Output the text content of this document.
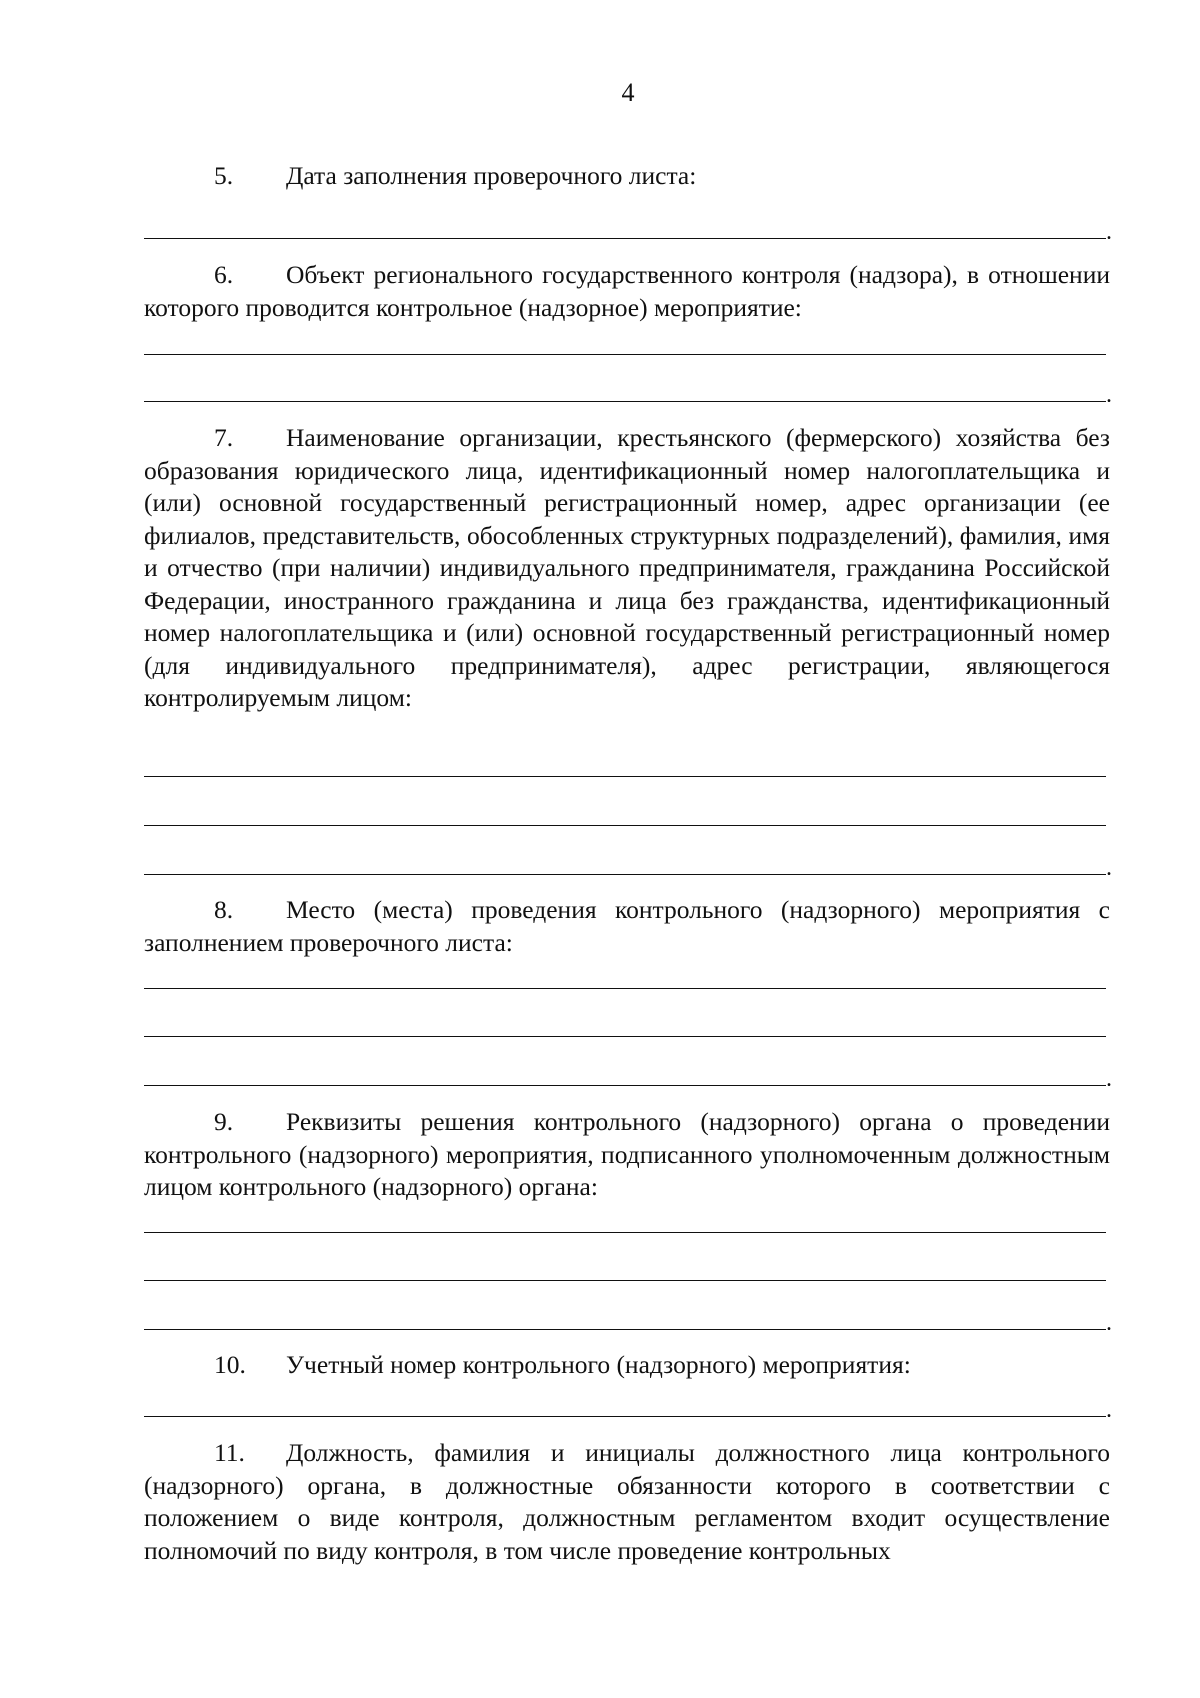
4
5. Дата заполнения проверочного листа:
.
6. Объект регионального государственного контроля (надзора), в отношении которого проводится контрольное (надзорное) мероприятие:
.
7. Наименование организации, крестьянского (фермерского) хозяйства без образования юридического лица, идентификационный номер налогоплательщика и (или) основной государственный регистрационный номер, адрес организации (ее филиалов, представительств, обособленных структурных подразделений), фамилия, имя и отчество (при наличии) индивидуального предпринимателя, гражданина Российской Федерации, иностранного гражданина и лица без гражданства, идентификационный номер налогоплательщика и (или) основной государственный регистрационный номер (для индивидуального предпринимателя), адрес регистрации, являющегося контролируемым лицом:
.
8. Место (места) проведения контрольного (надзорного) мероприятия с заполнением проверочного листа:
.
9. Реквизиты решения контрольного (надзорного) органа о проведении контрольного (надзорного) мероприятия, подписанного уполномоченным должностным лицом контрольного (надзорного) органа:
.
10. Учетный номер контрольного (надзорного) мероприятия:
.
11. Должность, фамилия и инициалы должностного лица контрольного (надзорного) органа, в должностные обязанности которого в соответствии с положением о виде контроля, должностным регламентом входит осуществление полномочий по виду контроля, в том числе проведение контрольных
